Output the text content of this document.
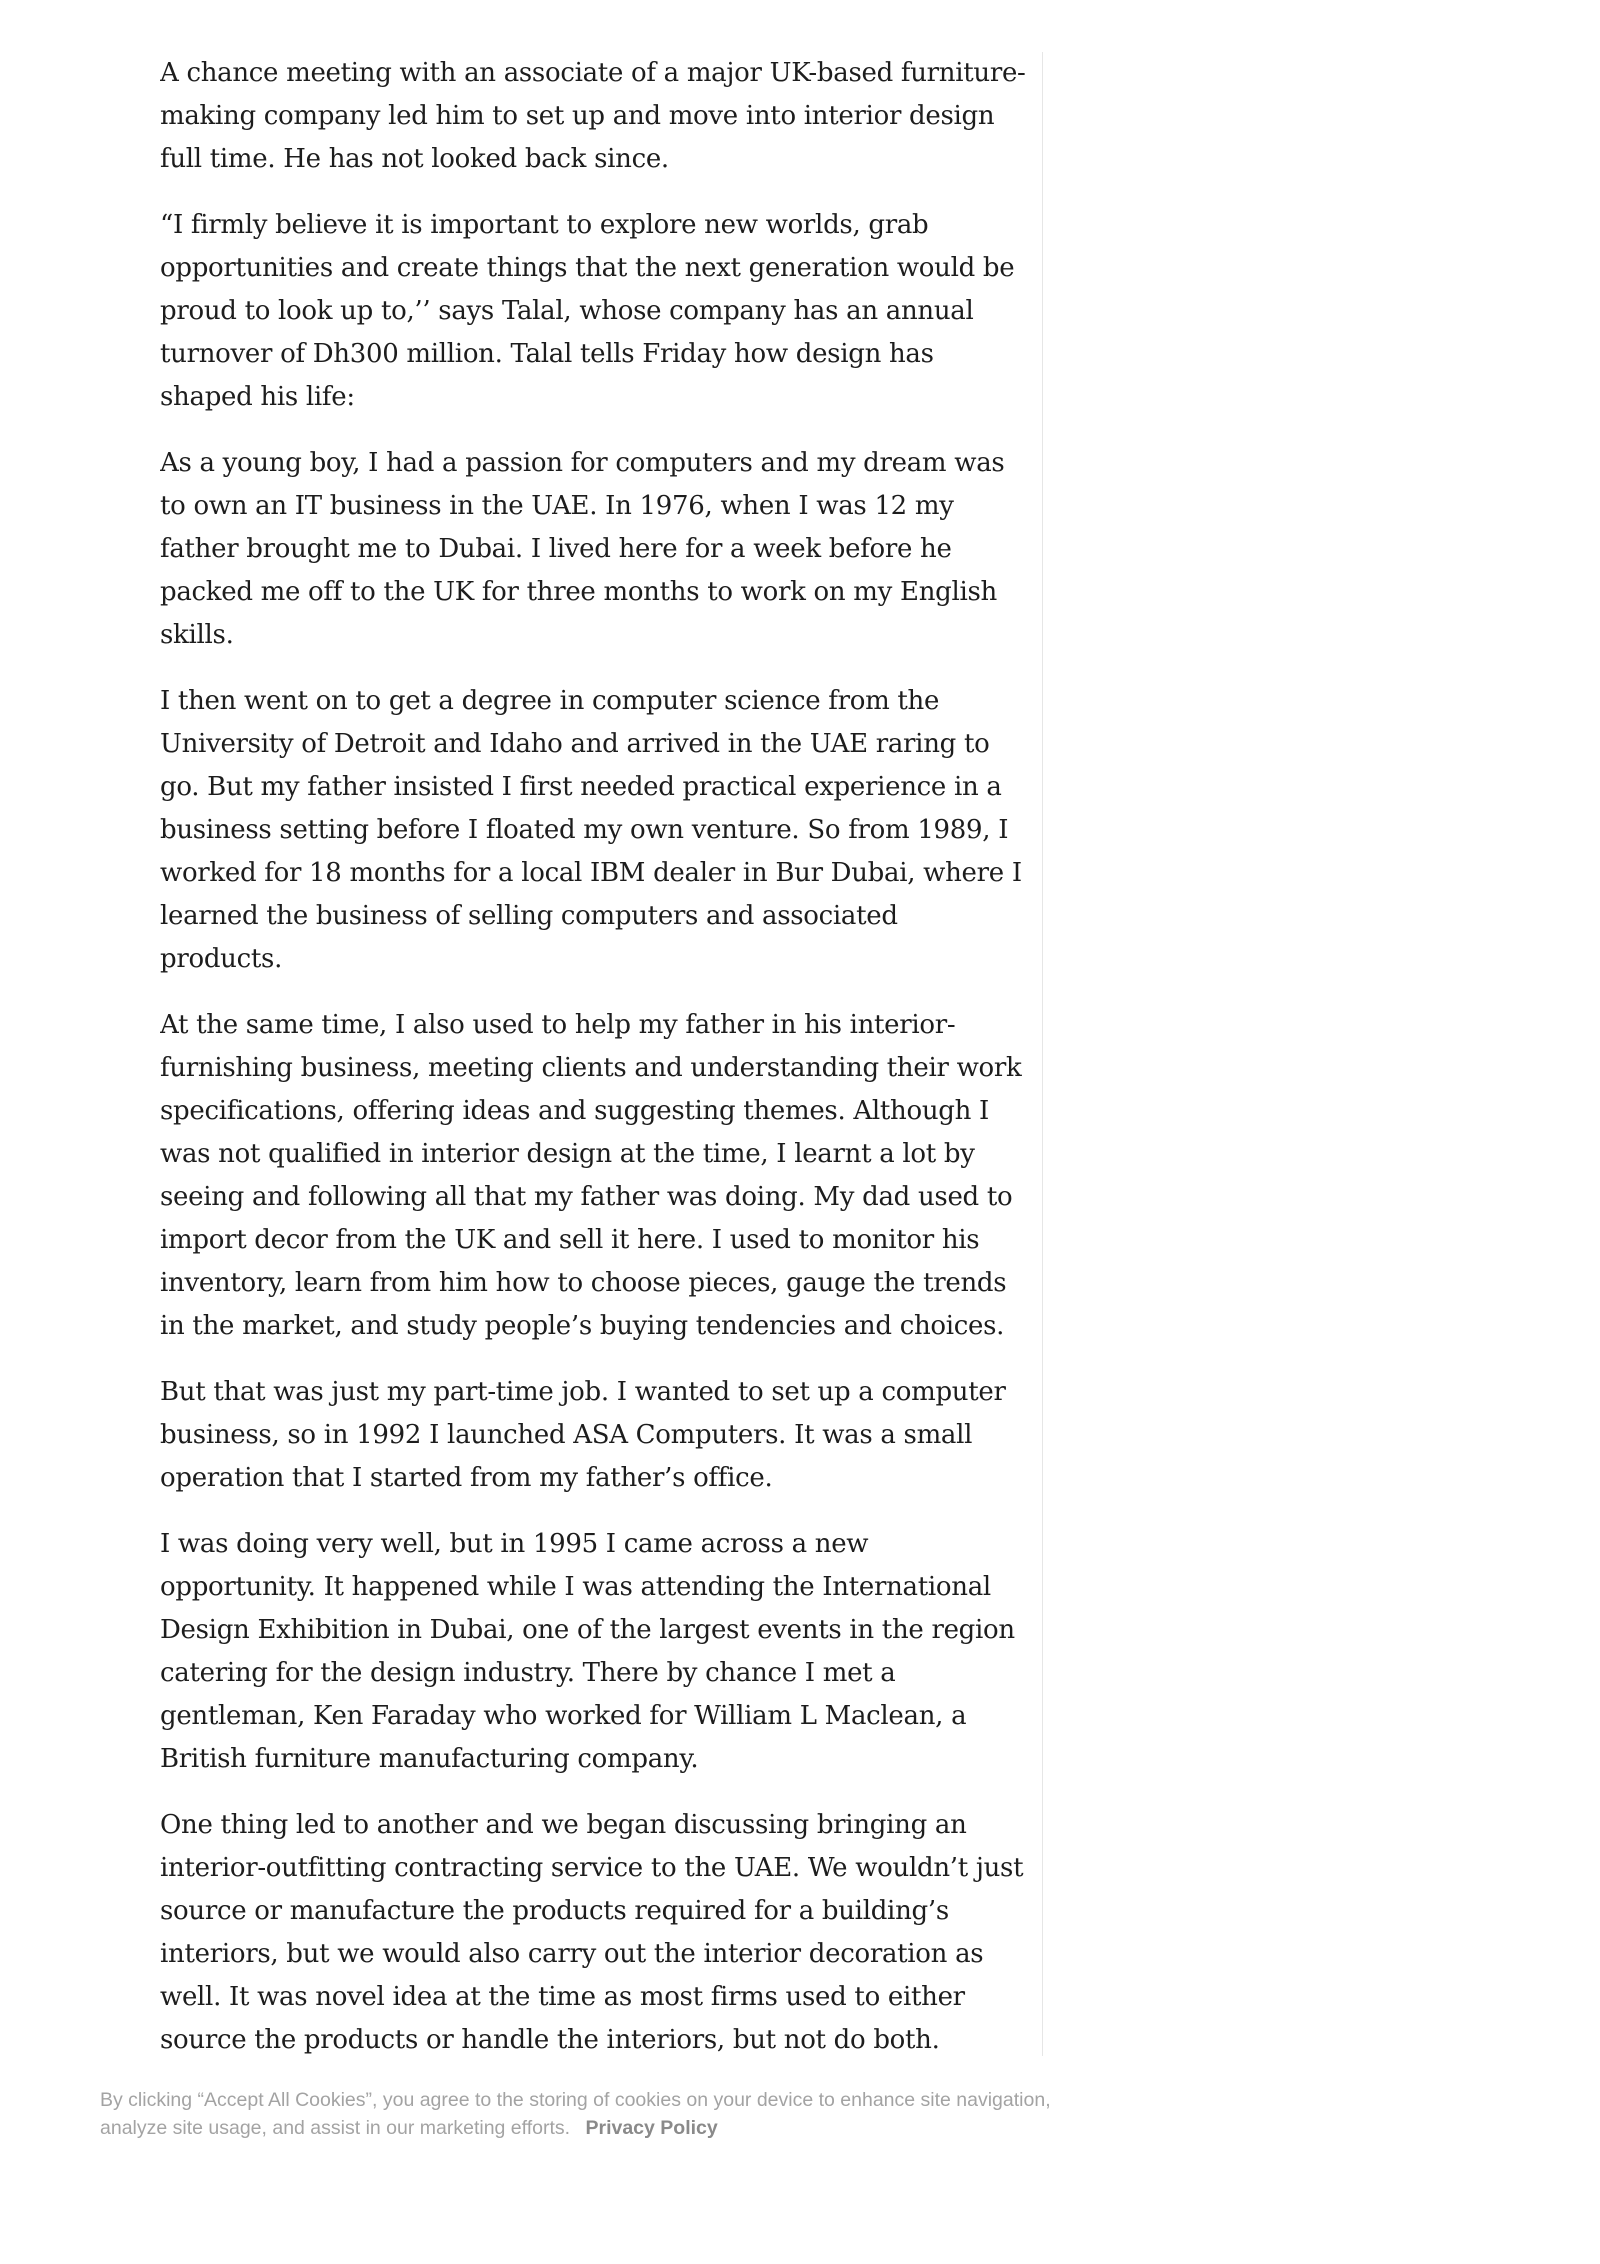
A chance meeting with an associate of a major UK-based furniture-making company led him to set up and move into interior design full time. He has not looked back since.

“I firmly believe it is important to explore new worlds, grab opportunities and create things that the next generation would be proud to look up to,’’ says Talal, whose company has an annual turnover of Dh300 million. Talal tells Friday how design has shaped his life:

As a young boy, I had a passion for computers and my dream was to own an IT business in the UAE. In 1976, when I was 12 my father brought me to Dubai. I lived here for a week before he packed me off to the UK for three months to work on my English skills.

I then went on to get a degree in computer science from the University of Detroit and Idaho and arrived in the UAE raring to go. But my father insisted I first needed practical experience in a business setting before I floated my own venture. So from 1989, I worked for 18 months for a local IBM dealer in Bur Dubai, where I learned the business of selling computers and associated products.

At the same time, I also used to help my father in his interior-furnishing business, meeting clients and understanding their work specifications, offering ideas and suggesting themes. Although I was not qualified in interior design at the time, I learnt a lot by seeing and following all that my father was doing. My dad used to import decor from the UK and sell it here. I used to monitor his inventory, learn from him how to choose pieces, gauge the trends in the market, and study people’s buying tendencies and choices.

But that was just my part-time job. I wanted to set up a computer business, so in 1992 I launched ASA Computers. It was a small operation that I started from my father’s office.

I was doing very well, but in 1995 I came across a new opportunity. It happened while I was attending the International Design Exhibition in Dubai, one of the largest events in the region catering for the design industry. There by chance I met a gentleman, Ken Faraday who worked for William L Maclean, a British furniture manufacturing company.

One thing led to another and we began discussing bringing an interior-outfitting contracting service to the UAE. We wouldn’t just source or manufacture the products required for a building’s interiors, but we would also carry out the interior decoration as well. It was novel idea at the time as most firms used to either source the products or handle the interiors, but not do both.

By clicking “Accept All Cookies”, you agree to the storing of cookies on your device to enhance site navigation, analyze site usage, and assist in our marketing efforts. Privacy Policy
